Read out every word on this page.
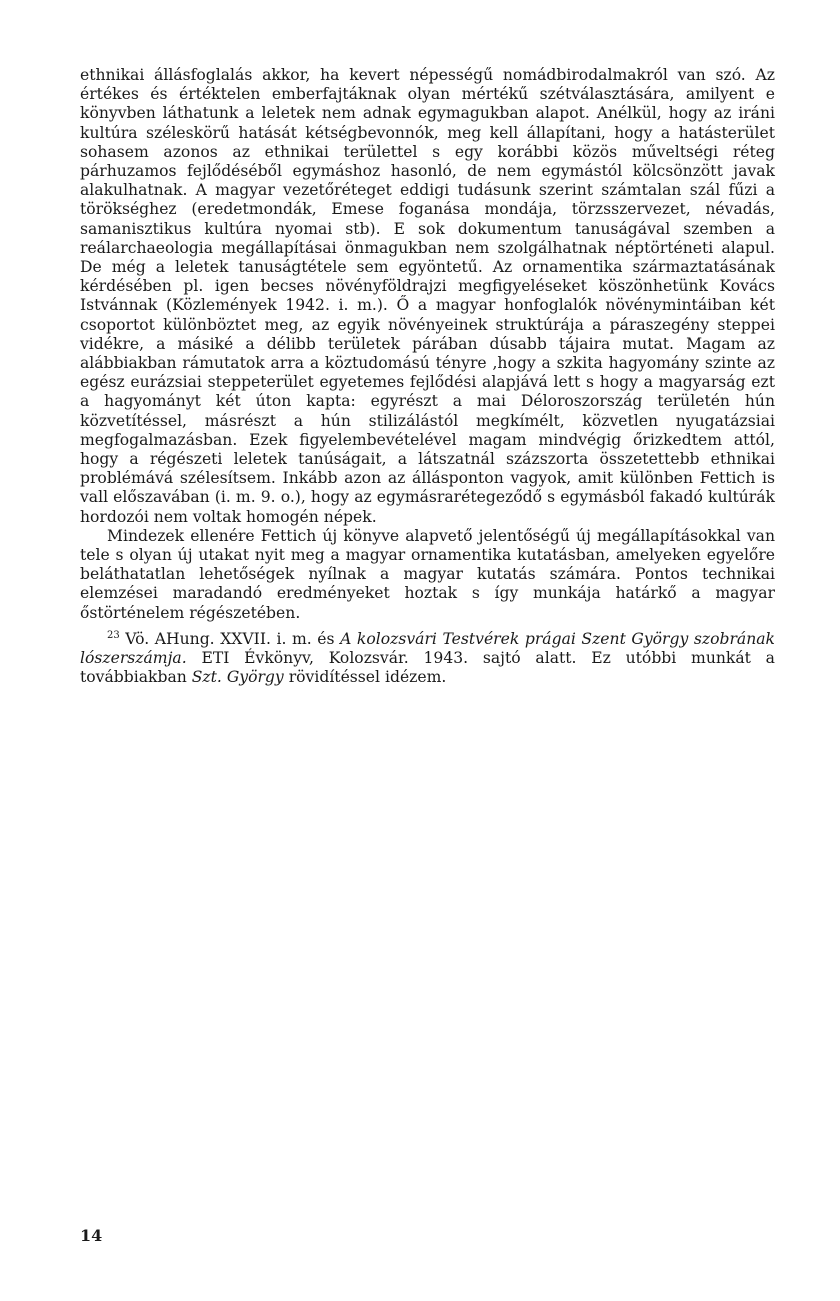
ethnikai állásfoglalás akkor, ha kevert népességű nomádbirodalmakról van szó. Az értékes és értéktelen emberfajtáknak olyan mértékű szétválasztására, amilyent e könyvben láthatunk a leletek nem adnak egymagukban alapot. Anélkül, hogy az iráni kultúra széleskörű hatását kétségbevonnók, meg kell állapítani, hogy a hatásterület sohasem azonos az ethnikai területtel s egy korábbi közös műveltségi réteg párhuzamos fejlődéséből egymáshoz hasonló, de nem egymástól kölcsönzött javak alakulhatnak. A magyar vezetőréteget eddigi tudásunk szerint számtalan szál fűzi a törökséghez (eredetmondák, Emese foganása mondája, törzsszervezet, névadás, samanisztikus kultúra nyomai stb). E sok dokumentum tanuságával szemben a reálarchaeologia megállapításai önmagukban nem szolgálhatnak néptörténeti alapul. De még a leletek tanuságtétele sem egyöntetű. Az ornamentika származtatásának kérdésében pl. igen becses növényföldrajzi megfigyeléseket köszönhetünk Kovács Istvánnak (Közlemények 1942. i. m.). Ő a magyar honfoglalók növénymintáiban két csoportot különböztet meg, az egyik növényeinek struktúrája a páraszegény steppei vidékre, a másiké a délibb területek párában dúsabb tájaira mutat. Magam az alábbiakban rámutatok arra a köztudomású tényre ,hogy a szkita hagyomány szinte az egész eurázsiai steppeterület egyetemes fejlődési alapjává lett s hogy a magyarság ezt a hagyományt két úton kapta: egyrészt a mai Déloroszország területén hún közvetítéssel, másrészt a hún stilizálástól megkímélt, közvetlen nyugatázsiai megfogalmazásban. Ezek figyelembevételével magam mindvégig őrizkedtem attól, hogy a régészeti leletek tanúságait, a látszatnál százszorta összetettebb ethnikai problémává szélesítsem. Inkább azon az állásponton vagyok, amit különben Fettich is vall előszavában (i. m. 9. o.), hogy az egymásrarétegeződő s egymásból fakadó kultúrák hordozói nem voltak homogén népek.

Mindezek ellenére Fettich új könyve alapvető jelentőségű új megállapításokkal van tele s olyan új utakat nyit meg a magyar ornamentika kutatásban, amelyeken egyelőre beláthatatlan lehetőségek nyílnak a magyar kutatás számára. Pontos technikai elemzései maradandó eredményeket hoztak s így munkája határkő a magyar őstörténelem régészetében.

$^{23}$ Vö. AHung. XXVII. i. m. és A kolozsvári Testvérek prágai Szent György szobrának lószerszámja. ETI Évkönyv, Kolozsvár. 1943. sajtó alatt. Ez utóbbi munkát a továbbiakban Szt. György rövidítéssel idézem.

14
